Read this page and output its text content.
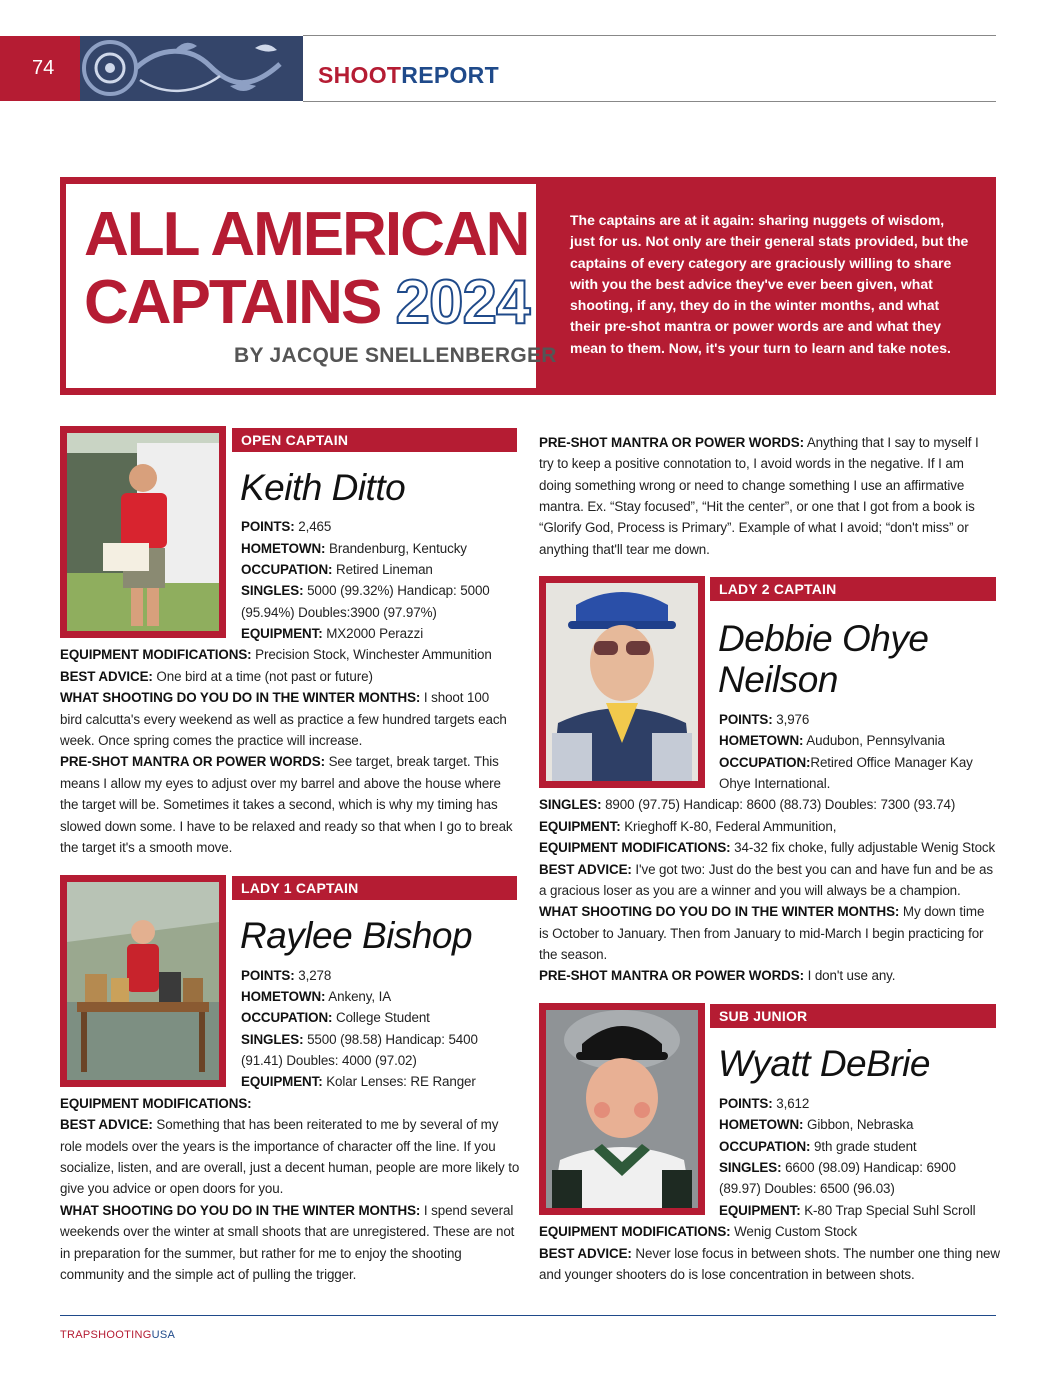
74	SHOOTREPORT
ALL AMERICAN
CAPTAINS 2024
BY JACQUE SNELLENBERGER
The captains are at it again: sharing nuggets of wisdom, just for us. Not only are their general stats provided, but the captains of every category are graciously willing to share with you the best advice they've ever been given, what shooting, if any, they do in the winter months, and what their pre-shot mantra or power words are and what they mean to them. Now, it's your turn to learn and take notes.
OPEN CAPTAIN
Keith Ditto
POINTS: 2,465
HOMETOWN: Brandenburg, Kentucky
OCCUPATION: Retired Lineman
SINGLES: 5000 (99.32%) Handicap: 5000
(95.94%) Doubles:3900 (97.97%)
EQUIPMENT: MX2000 Perazzi
EQUIPMENT MODIFICATIONS: Precision Stock, Winchester Ammunition
BEST ADVICE: One bird at a time (not past or future)
WHAT SHOOTING DO YOU DO IN THE WINTER MONTHS: I shoot 100
bird calcutta's every weekend as well as practice a few hundred targets each
week. Once spring comes the practice will increase.
PRE-SHOT MANTRA OR POWER WORDS: See target, break target. This
means I allow my eyes to adjust over my barrel and above the house where
the target will be. Sometimes it takes a second, which is why my timing has
slowed down some. I have to be relaxed and ready so that when I go to break
the target it's a smooth move.
LADY 1 CAPTAIN
Raylee Bishop
POINTS: 3,278
HOMETOWN: Ankeny, IA
OCCUPATION: College Student
SINGLES: 5500 (98.58) Handicap: 5400
(91.41) Doubles: 4000 (97.02)
EQUIPMENT: Kolar Lenses: RE Ranger
EQUIPMENT MODIFICATIONS:
BEST ADVICE: Something that has been reiterated to me by several of my
role models over the years is the importance of character off the line. If you
socialize, listen, and are overall, just a decent human, people are more likely to
give you advice or open doors for you.
WHAT SHOOTING DO YOU DO IN THE WINTER MONTHS: I spend several
weekends over the winter at small shoots that are unregistered. These are not
in preparation for the summer, but rather for me to enjoy the shooting
community and the simple act of pulling the trigger.
PRE-SHOT MANTRA OR POWER WORDS: Anything that I say to myself I
try to keep a positive connotation to, I avoid words in the negative. If I am
doing something wrong or need to change something I use an affirmative
mantra. Ex. “Stay focused”, “Hit the center”, or one that I got from a book is
“Glorify God, Process is Primary”. Example of what I avoid; “don't miss” or
anything that'll tear me down.
LADY 2 CAPTAIN
Debbie Ohye
Neilson
POINTS: 3,976
HOMETOWN: Audubon, Pennsylvania
OCCUPATION:Retired Office Manager Kay
Ohye International.
SINGLES: 8900 (97.75) Handicap: 8600 (88.73) Doubles: 7300 (93.74)
EQUIPMENT: Krieghoff K-80, Federal Ammunition,
EQUIPMENT MODIFICATIONS: 34-32 fix choke, fully adjustable Wenig Stock
BEST ADVICE: I've got two: Just do the best you can and have fun and be as
a gracious loser as you are a winner and you will always be a champion.
WHAT SHOOTING DO YOU DO IN THE WINTER MONTHS: My down time
is October to January. Then from January to mid-March I begin practicing for
the season.
PRE-SHOT MANTRA OR POWER WORDS: I don't use any.
SUB JUNIOR
Wyatt DeBrie
POINTS: 3,612
HOMETOWN: Gibbon, Nebraska
OCCUPATION: 9th grade student
SINGLES: 6600 (98.09) Handicap: 6900
(89.97) Doubles: 6500 (96.03)
EQUIPMENT: K-80 Trap Special Suhl Scroll
EQUIPMENT MODIFICATIONS: Wenig Custom Stock
BEST ADVICE: Never lose focus in between shots. The number one thing new
and younger shooters do is lose concentration in between shots.
TRAPSHOOTINGUSA
